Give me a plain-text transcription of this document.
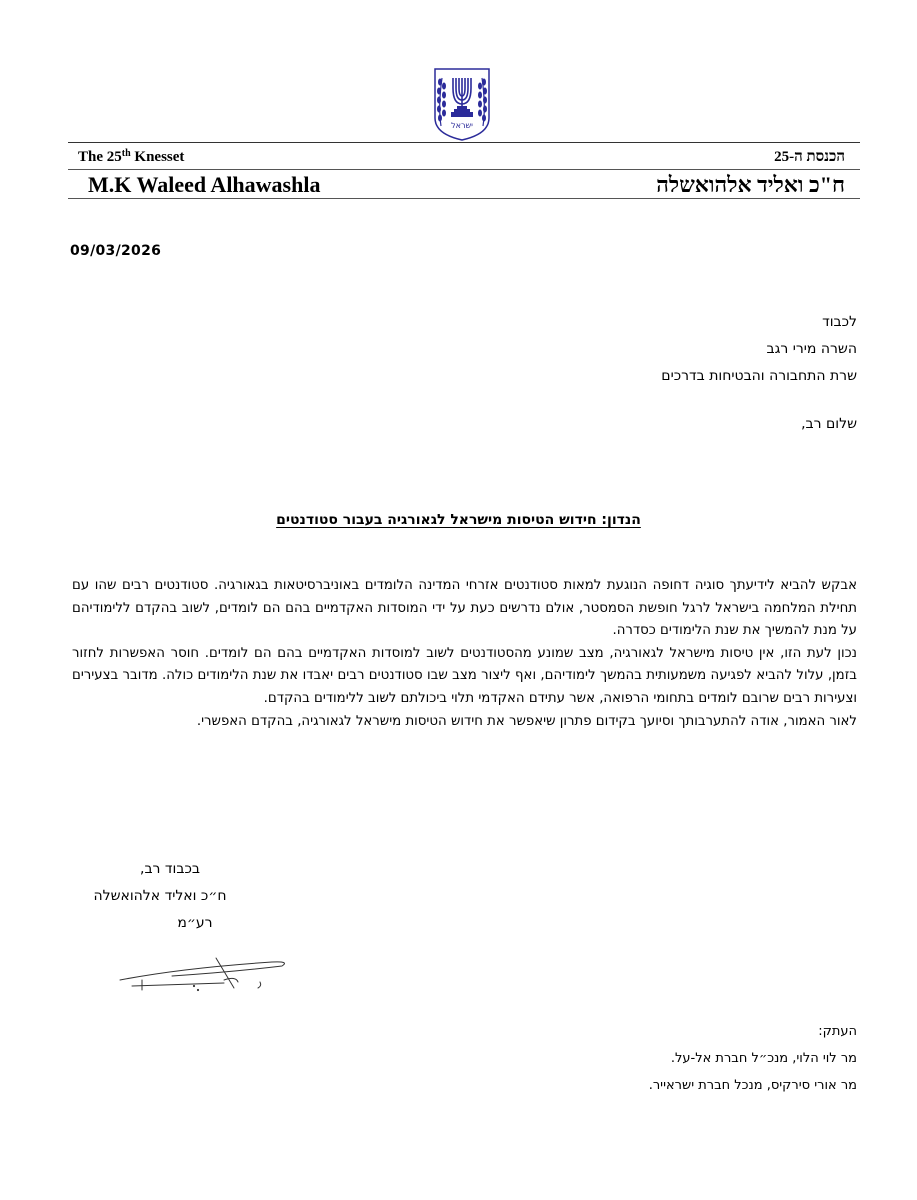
ישראל
The 25th Knesset
M.K Waleed Alhawashla
הכנסת ה-25
ח"כ ואליד אלהואשלה
09/03/2026
לכבוד
השרה מירי רגב
שרת התחבורה והבטיחות בדרכים
שלום רב,
הנדון: חידוש הטיסות מישראל לגאורגיה בעבור סטודנטים

אבקש להביא לידיעתך סוגיה דחופה הנוגעת למאות סטודנטים אזרחי המדינה הלומדים באוניברסיטאות בגאורגיה. סטודנטים רבים שהו עם תחילת המלחמה בישראל לרגל חופשת הסמסטר, אולם נדרשים כעת על ידי המוסדות האקדמיים בהם הם לומדים, לשוב בהקדם ללימודיהם על מנת להמשיך את שנת הלימודים כסדרה.

נכון לעת הזו, אין טיסות מישראל לגאורגיה, מצב שמונע מהסטודנטים לשוב למוסדות האקדמיים בהם הם לומדים. חוסר האפשרות לחזור בזמן, עלול להביא לפגיעה משמעותית בהמשך לימודיהם, ואף ליצור מצב שבו סטודנטים רבים יאבדו את שנת הלימודים כולה. מדובר בצעירים וצעירות רבים שרובם לומדים בתחומי הרפואה, אשר עתידם האקדמי תלוי ביכולתם לשוב ללימודים בהקדם.

לאור האמור, אודה להתערבותך וסיועך בקידום פתרון שיאפשר את חידוש הטיסות מישראל לגאורגיה, בהקדם האפשרי.

בכבוד רב,
ח״כ ואליד אלהואשלה
רע״מ
העתק:
מר לוי הלוי, מנכ״ל חברת אל-על.
מר אורי סירקיס, מנכל חברת ישראייר.
